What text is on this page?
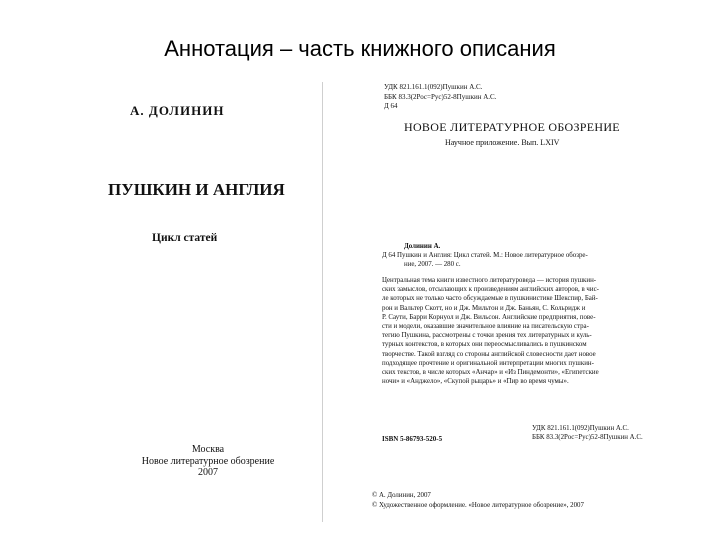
Аннотация – часть книжного описания
А. ДОЛИНИН
ПУШКИН И АНГЛИЯ
Цикл статей
Москва
Новое литературное обозрение
2007
УДК 821.161.1(092)Пушкин А.С.
ББК 83.3(2Рос=Рус)52-8Пушкин А.С.
Д 64
НОВОЕ ЛИТЕРАТУРНОЕ ОБОЗРЕНИЕ
Научное приложение. Вып. LXIV
Долинин А.
Д 64 Пушкин и Англия: Цикл статей. М.: Новое литературное обозре-
ние, 2007. — 280 с.
Центральная тема книги известного литературоведа — история пушкин-
ских замыслов, отсылающих к произведениям английских авторов, в чис-
ле которых не только часто обсуждаемые в пушкинистике Шекспир, Бай-
рон и Вальтер Скотт, но и Дж. Мильтон и Дж. Баньян, С. Кольридж и
Р. Саути, Барри Корнуол и Дж. Вильсон. Английские предприятия, пове-
сти и модели, оказавшие значительное влияние на писательскую стра-
тегию Пушкина, рассмотрены с точки зрения тех литературных и куль-
турных контекстов, в которых они переосмысливались в пушкинском
творчестве. Такой взгляд со стороны английской словесности дает новое
подходящее прочтение и оригинальной интерпретации многих пушкин-
ских текстов, в числе которых «Анчар» и «Из Пиндемонти», «Египетские
ночи» и «Анджело», «Скупой рыцарь» и «Пир во время чумы».
УДК 821.161.1(092)Пушкин А.С.
ББК 83.3(2Рос=Рус)52-8Пушкин А.С.
ISBN 5-86793-520-5
© А. Долинин, 2007
© Художественное оформление. «Новое литературное обозрение», 2007
